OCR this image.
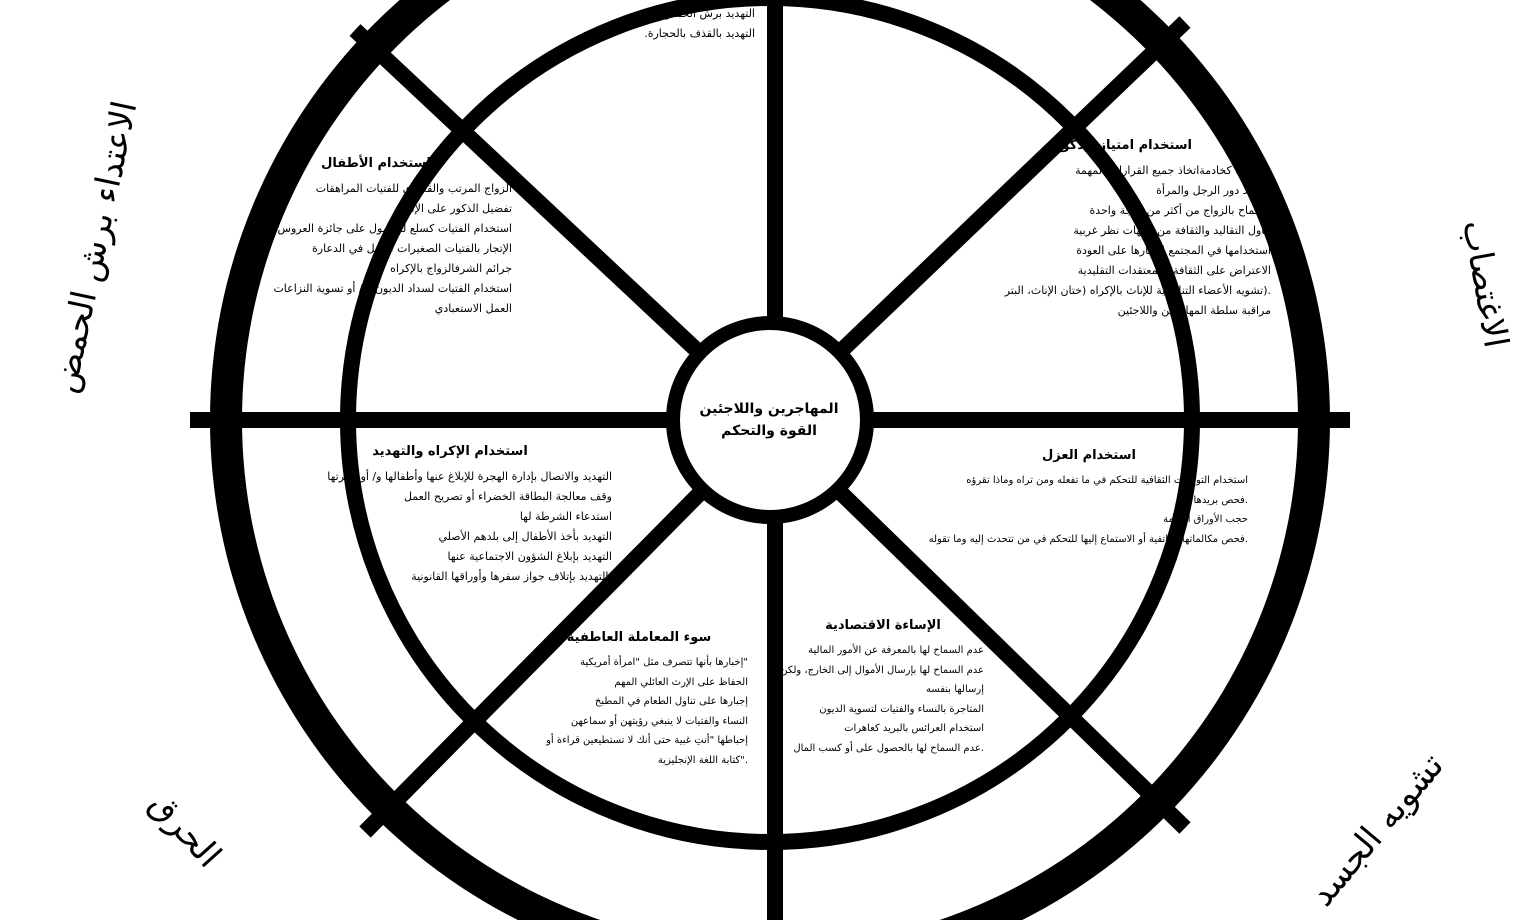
المهاجرين واللاجئين
القوة والتحكم
التهديد برش الحمض
التهديد بالقذف بالحجارة.
استخدام الأطفال
الزواج المرتب والقسري للفتيات المراهقات
تفضيل الذكور على الإناث
استخدام الفتيات كسلع للحصول على جائزة العروس / المهر
الإتجار بالفتيات الصغيرات للعمل في الدعارة
جرائم الشرفالزواج بالإكراه
استخدام الفتيات لسداد الديون و / أو تسوية النزاعات
العمل الاستعبادي
استخدام امتياز الذكور
معاملتها كخادمةاتخاذ جميع القرارات المهمة
.تحديد دور الرجل والمرأة
السماح بالزواج من أكثر من زوجة واحدة
تناول التقاليد والثقافة من وجهات نظر غربية
استخدامها في المجتمع لإجبارها على العودة
الاعتراض على الثقافة والمعتقدات التقليدية
.(تشويه الأعضاء التناسلية للإناث بالإكراه (ختان الإناث، البتر
مراقبة سلطة المهاجرين واللاجئين
استخدام الإكراه والتهديد
التهديد والاتصال بإدارة الهجرة للإبلاغ عنها وأطفالها و/ أو أسرتها
وقف معالجة البطاقة الخضراء أو تصريح العمل
استدعاء الشرطة لها
التهديد بأخذ الأطفال إلى بلدهم الأصلي
التهديد بإبلاغ الشؤون الاجتماعية عنها
.التهديد بإتلاف جواز سفرها وأوراقها القانونية
استخدام العزل
استخدام التوقعات الثقافية للتحكم في ما تفعله ومن تراه وماذا تقرؤه
.فحص بريدها
حجب الأوراق المهمة
.فحص مكالماتها الهاتفية أو الاستماع إليها للتحكم في من تتحدث إليه وما تقوله
سوء المعاملة العاطفية
"إخبارها بأنها تتصرف مثل "امرأة أمريكية
الحفاظ على الإرث العائلي المهم
إجبارها على تناول الطعام في المطبخ
النساء والفتيات لا ينبغي رؤيتهن أو سماعهن
إحباطها "أنتِ غبية حتى أنك لا تستطيعين قراءة أو
."كتابة اللغة الإنجليزية
الإساءة الاقتصادية
عدم السماح لها بالمعرفة عن الأمور المالية
عدم السماح لها بإرسال الأموال إلى الخارج، ولكن
إرسالها بنفسه
المتاجرة بالنساء والفتيات لتسوية الديون
استخدام العرائس بالبريد كعاهرات
.عدم السماح لها بالحصول على أو كسب المال
الاعتداء برش الحمض	الاغتصاب
الحرق	تشويه الجسد
